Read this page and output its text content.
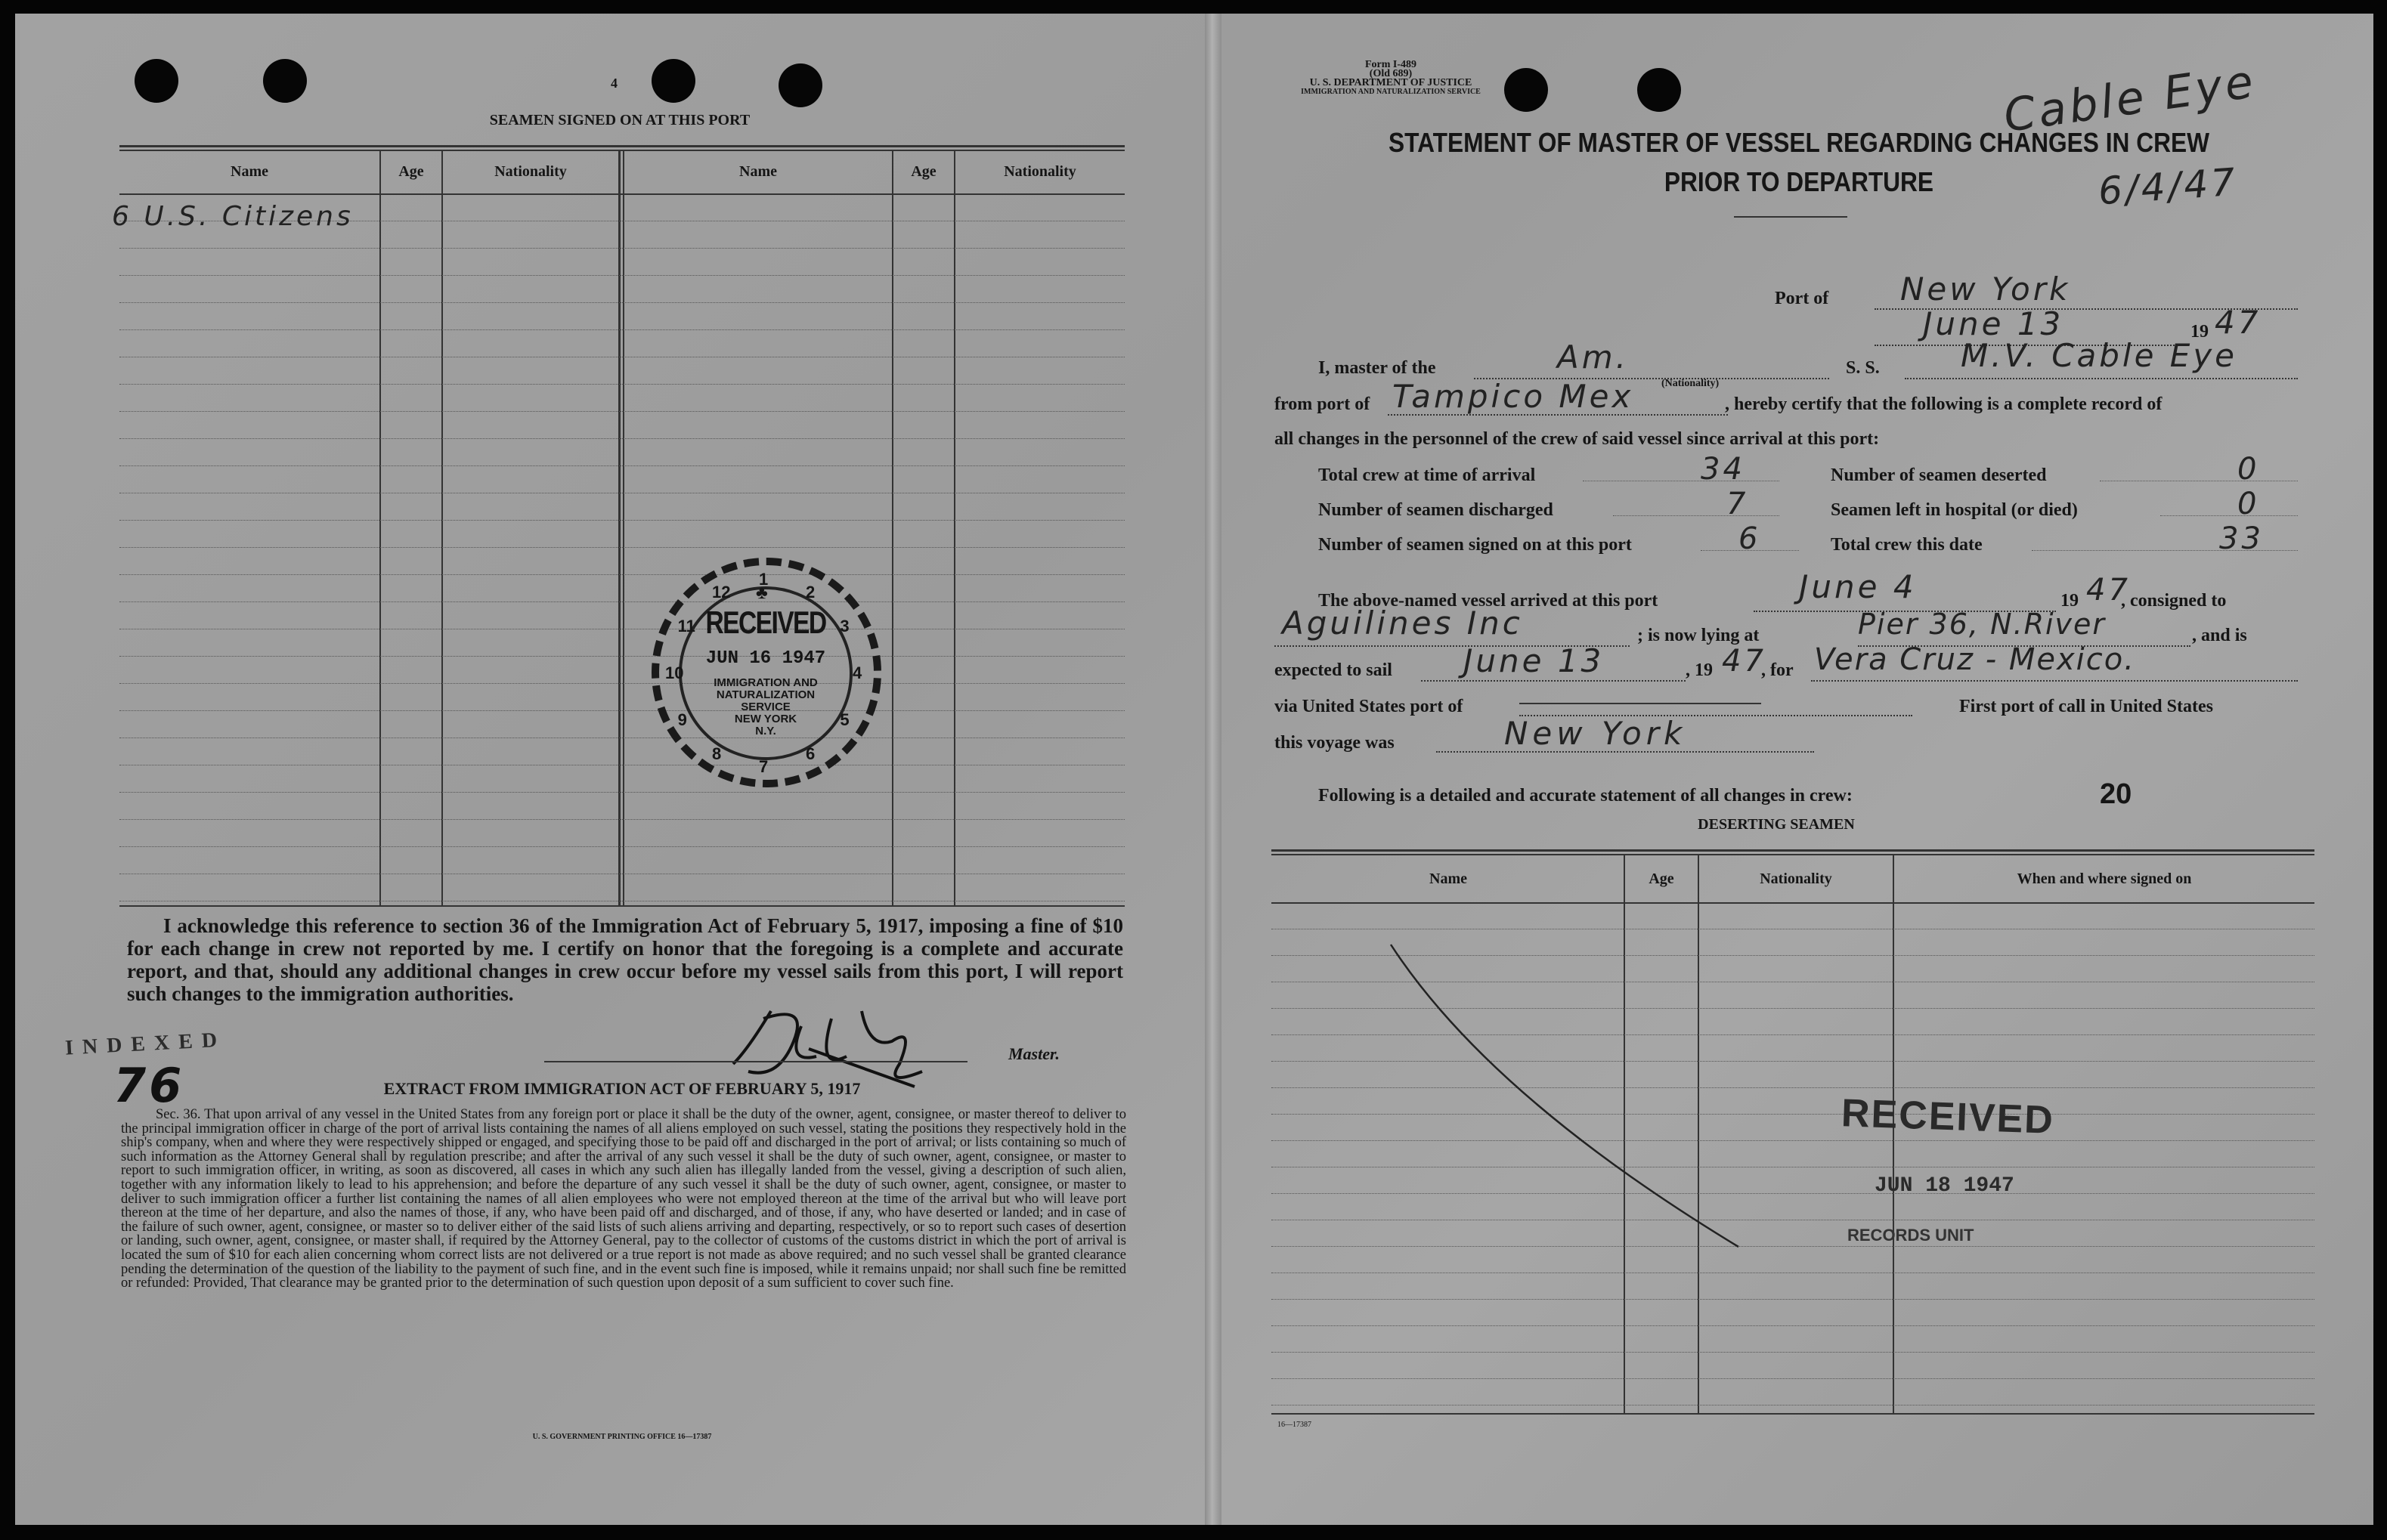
4
SEAMEN SIGNED ON AT THIS PORT
Name	Age	Nationality	Name	Age	Nationality
6 U.S. Citizens
1
2
3
4
5
6
7
8
9
10
11
12 ♣
RECEIVED
JUN 16 1947
IMMIGRATION AND
NATURALIZATION
SERVICE
NEW YORK
N.Y.
I acknowledge this reference to section 36 of the Immigration Act of February 5, 1917, imposing a fine of $10 for each change in crew not reported by me. I certify on honor that the foregoing is a complete and accurate report, and that, should any additional changes in crew occur before my vessel sails from this port, I will report such changes to the immigration authorities.
Master.
INDEXED
76	EXTRACT FROM IMMIGRATION ACT OF FEBRUARY 5, 1917
Sec. 36. That upon arrival of any vessel in the United States from any foreign port or place it shall be the duty of the owner, agent, consignee, or master thereof to deliver to the principal immigration officer in charge of the port of arrival lists containing the names of all aliens employed on such vessel, stating the positions they respectively hold in the ship's company, when and where they were respectively shipped or engaged, and specifying those to be paid off and discharged in the port of arrival; or lists containing so much of such information as the Attorney General shall by regulation prescribe; and after the arrival of any such vessel it shall be the duty of such owner, agent, consignee, or master to report to such immigration officer, in writing, as soon as discovered, all cases in which any such alien has illegally landed from the vessel, giving a description of such alien, together with any information likely to lead to his apprehension; and before the departure of any such vessel it shall be the duty of such owner, agent, consignee, or master to deliver to such immigration officer a further list containing the names of all alien employees who were not employed thereon at the time of the arrival but who will leave port thereon at the time of her departure, and also the names of those, if any, who have been paid off and discharged, and of those, if any, who have deserted or landed; and in case of the failure of such owner, agent, consignee, or master so to deliver either of the said lists of such aliens arriving and departing, respectively, or so to report such cases of desertion or landing, such owner, agent, consignee, or master shall, if required by the Attorney General, pay to the collector of customs of the customs district in which the port of arrival is located the sum of $10 for each alien concerning whom correct lists are not delivered or a true report is not made as above required; and no such vessel shall be granted clearance pending the determination of the question of the liability to the payment of such fine, and in the event such fine is imposed, while it remains unpaid; nor shall such fine be remitted or refunded: Provided, That clearance may be granted prior to the determination of such question upon deposit of a sum sufficient to cover such fine.
U. S. GOVERNMENT PRINTING OFFICE 16—17387
Form I-489
(Old 689)
U. S. DEPARTMENT OF JUSTICE
IMMIGRATION AND NATURALIZATION SERVICE	Cable Eye
6/4/47
STATEMENT OF MASTER OF VESSEL REGARDING CHANGES IN CREW
PRIOR TO DEPARTURE
Port of New York
June 13	19 47
I, master of the	Am.
(Nationality)
S. S.	M.V. Cable Eye
from port of Tampico Mex	, hereby certify that the following is a complete record of
all changes in the personnel of the crew of said vessel since arrival at this port:
Total crew at time of arrival	34	Number of seamen deserted	0
Number of seamen discharged	7	Seamen left in hospital (or died)	0
Number of seamen signed on at this port	6	Total crew this date	33
The above-named vessel arrived at this port	June 4	19 47
, consigned to
Aguilines Inc	; is now lying at	Pier 36, N.River	, and is
expected to sail June 13	, 19 47
, for Vera Cruz - Mexico.
via United States port of	First port of call in United States
this voyage was	New York
Following is a detailed and accurate statement of all changes in crew:	20
DESERTING SEAMEN
Name	Age	Nationality	When and where signed on
RECEIVED
JUN 18 1947
RECORDS UNIT
16—17387
